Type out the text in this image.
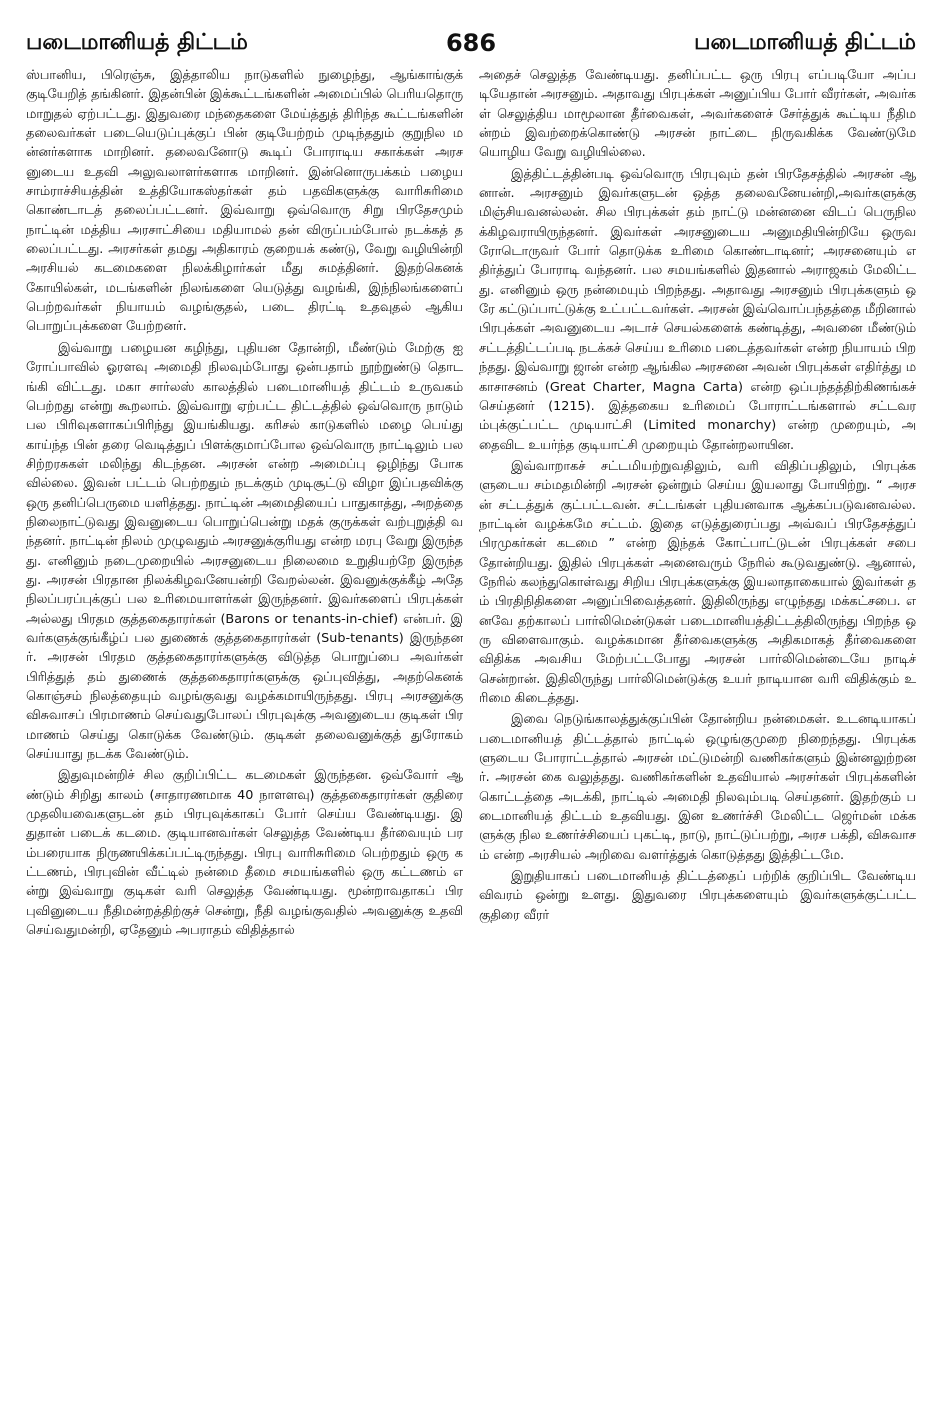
படைமானியத் திட்டம்	686	படைமானியத் திட்டம்

ஸ்பானிய, பிரெஞ்சு, இத்தாலிய நாடுகளில் நுழைந்து, ஆங்காங்குக் குடியேறித் தங்கினர். இதன்பின் இக்கூட்டங்களின் அமைப்பில் பெரியதொரு மாறுதல் ஏற்பட்டது. இதுவரை மந்தைகளை மேய்த்துத் திரிந்த கூட்டங்களின் தலைவர்கள் படையெடுப்புக்குப் பின் குடியேற்றம் முடிந்ததும் குறுநில மன்னர்களாக மாறினர். தலைவனோடு கூடிப் போராடிய சகாக்கள் அரசனுடைய உதவி அலுவலாளர்களாக மாறினர். இன்னொருபக்கம் பழைய சாம்ராச்சியத்தின் உத்தியோகஸ்தர்கள் தம் பதவிகளுக்கு வாரிசுரிமை கொண்டாடத் தலைப்பட்டனர். இவ்வாறு ஒவ்வொரு சிறு பிரதேசமும் நாட்டின் மத்திய அரசாட்சியை மதியாமல் தன் விருப்பம்போல் நடக்கத் தலைப்பட்டது. அரசர்கள் தமது அதிகாரம் குறையக் கண்டு, வேறு வழியின்றி அரசியல் கடமைகளை நிலக்கிழார்கள் மீது சுமத்தினர். இதற்கெனக் கோயில்கள், மடங்களின் நிலங்களை யெடுத்து வழங்கி, இந்நிலங்களைப் பெற்றவர்கள் நியாயம் வழங்குதல், படை திரட்டி உதவுதல் ஆகிய பொறுப்புக்களை யேற்றனர்.

இவ்வாறு பழையன கழிந்து, புதியன தோன்றி, மீண்டும் மேற்கு ஐரோப்பாவில் ஓரளவு அமைதி நிலவும்போது ஒன்பதாம் நூற்றுண்டு தொடங்கி விட்டது. மகா சார்லஸ் காலத்தில் படைமானியத் திட்டம் உருவகம் பெற்றது என்று கூறலாம். இவ்வாறு ஏற்பட்ட திட்டத்தில் ஒவ்வொரு நாடும் பல பிரிவுகளாகப்பிரிந்து இயங்கியது. கரிசல் காடுகளில் மழை பெய்து காய்ந்த பின் தரை வெடித்துப் பிளக்குமாப்போல ஒவ்வொரு நாட்டிலும் பல சிற்றரசுகள் மலிந்து கிடந்தன. அரசன் என்ற அமைப்பு ஒழிந்து போகவில்லை. இவன் பட்டம் பெற்றதும் நடக்கும் முடிசூட்டு விழா இப்பதவிக்கு ஒரு தனிப்பெருமை யளித்தது. நாட்டின் அமைதியைப் பாதுகாத்து, அறத்தை நிலைநாட்டுவது இவனுடைய பொறுப்பென்று மதக் குருக்கள் வற்புறுத்தி வந்தனர். நாட்டின் நிலம் முழுவதும் அரசனுக்குரியது என்ற மரபு வேறு இருந்தது. எனினும் நடைமுறையில் அரசனுடைய நிலைமை உறுதியற்றே இருந்தது. அரசன் பிரதான நிலக்கிழவனேயன்றி வேறல்லன். இவனுக்குக்கீழ் அதே நிலப்பரப்புக்குப் பல உரிமையாளர்கள் இருந்தனர். இவர்களைப் பிரபுக்கள் அல்லது பிரதம குத்தகைதாரர்கள் (Barons or tenants-in-chief) என்பர். இவர்களுக்குங்கீழ்ப் பல துணைக் குத்தகைதாரர்கள் (Sub-tenants) இருந்தனர். அரசன் பிரதம குத்தகைதாரர்களுக்கு விடுத்த பொறுப்பை அவர்கள் பிரித்துத் தம் துணைக் குத்தகைதாரர்களுக்கு ஒப்புவித்து, அதற்கெனக் கொஞ்சம் நிலத்தையும் வழங்குவது வழக்கமாயிருந்தது. பிரபு அரசனுக்கு விசுவாசப் பிரமாணம் செய்வதுபோலப் பிரபுவுக்கு அவனுடைய குடிகள் பிரமாணம் செய்து கொடுக்க வேண்டும். குடிகள் தலைவனுக்குத் துரோகம் செய்யாது நடக்க வேண்டும்.

இதுவுமன்றிச் சில குறிப்பிட்ட கடமைகள் இருந்தன. ஒவ்வோர் ஆண்டும் சிறிது காலம் (சாதாரணமாக 40 நாளளவு) குத்தகைதாரர்கள் குதிரை முதலியவைகளுடன் தம் பிரபுவுக்காகப் போர் செய்ய வேண்டியது. இதுதான் படைக் கடமை. குடியானவர்கள் செலுத்த வேண்டிய தீர்வையும் பரம்பரையாக நிருணயிக்கப்பட்டிருந்தது. பிரபு வாரிசுரிமை பெற்றதும் ஒரு கட்டணம், பிரபுவின் வீட்டில் நன்மை தீமை சமயங்களில் ஒரு கட்டணம் என்று இவ்வாறு குடிகள் வரி செலுத்த வேண்டியது. மூன்றாவதாகப் பிரபுவினுடைய நீதிமன்றத்திற்குச் சென்று, நீதி வழங்குவதில் அவனுக்கு உதவி செய்வதுமன்றி, ஏதேனும் அபராதம் விதித்தால்

அதைச் செலுத்த வேண்டியது. தனிப்பட்ட ஒரு பிரபு எப்படியோ அப்படியேதான் அரசனும். அதாவது பிரபுக்கள் அனுப்பிய போர் வீரர்கள், அவர்கள் செலுத்திய மாமூலான தீர்வைகள், அவர்களைச் சேர்த்துக் கூட்டிய நீதிமன்றம் இவற்றைக்கொண்டு அரசன் நாட்டை நிருவகிக்க வேண்டுமே யொழிய வேறு வழியில்லை.

இத்திட்டத்தின்படி ஒவ்வொரு பிரபுவும் தன் பிரதேசத்தில் அரசன் ஆனான். அரசனும் இவர்களுடன் ஒத்த தலைவனேயன்றி,அவர்களுக்கு மிஞ்சியவனல்லன். சில பிரபுக்கள் தம் நாட்டு மன்னனை விடப் பெருநிலக்கிழவராயிருந்தனர். இவர்கள் அரசனுடைய அனுமதியின்றியே ஒருவரோடொருவர் போர் தொடுக்க உரிமை கொண்டாடினர்; அரசனையும் எதிர்த்துப் போராடி வந்தனர். பல சமயங்களில் இதனால் அராஜகம் மேலிட்டது. எனினும் ஒரு நன்மையும் பிறந்தது. அதாவது அரசனும் பிரபுக்களும் ஒரே கட்டுப்பாட்டுக்கு உட்பட்டவர்கள். அரசன் இவ்வொப்பந்தத்தை மீறினால் பிரபுக்கள் அவனுடைய அடாச் செயல்களைக் கண்டித்து, அவனை மீண்டும் சட்டத்திட்டப்படி நடக்கச் செய்ய உரிமை படைத்தவர்கள் என்ற நியாயம் பிறந்தது. இவ்வாறு ஜான் என்ற ஆங்கில அரசனை அவன் பிரபுக்கள் எதிர்த்து மகாசாசனம் (Great Charter, Magna Carta) என்ற ஒப்பந்தத்திற்கிணங்கச் செய்தனர் (1215). இத்தகைய உரிமைப் போராட்டங்களால் சட்டவரம்புக்குட்பட்ட முடியாட்சி (Limited monarchy) என்ற முறையும், அதைவிட உயர்ந்த குடியாட்சி முறையும் தோன்றலாயின.

இவ்வாறாகச் சட்டமியற்றுவதிலும், வரி விதிப்பதிலும், பிரபுக்களுடைய சம்மதமின்றி அரசன் ஒன்றும் செய்ய இயலாது போயிற்று. “ அரசன் சட்டத்துக் குட்பட்டவன். சட்டங்கள் புதியனவாக ஆக்கப்படுவனவல்ல. நாட்டின் வழக்கமே சட்டம். இதை எடுத்துரைப்பது அவ்வப் பிரதேசத்துப் பிரமுகர்கள் கடமை ” என்ற இந்தக் கோட்பாட்டுடன் பிரபுக்கள் சபை தோன்றியது. இதில் பிரபுக்கள் அனைவரும் நேரில் கூடுவதுண்டு. ஆனால், நேரில் கலந்துகொள்வது சிறிய பிரபுக்களுக்கு இயலாதாகையால் இவர்கள் தம் பிரதிநிதிகளை அனுப்பிவைத்தனர். இதிலிருந்து எழுந்தது மக்கட்சபை. எனவே தற்காலப் பார்லிமென்டுகள் படைமானியத்திட்டத்திலிருந்து பிறந்த ஒரு விளைவாகும். வழக்கமான தீர்வைகளுக்கு அதிகமாகத் தீர்வைகளை விதிக்க அவசிய மேற்பட்டபோது அரசன் பார்லிமென்டையே நாடிச் சென்றான். இதிலிருந்து பார்லிமென்டுக்கு உயர் நாடியான வரி விதிக்கும் உரிமை கிடைத்தது.

இவை நெடுங்காலத்துக்குப்பின் தோன்றிய நன்மைகள். உடனடியாகப் படைமானியத் திட்டத்தால் நாட்டில் ஒழுங்குமுறை நிறைந்தது. பிரபுக்களுடைய போராட்டத்தால் அரசன் மட்டுமன்றி வணிகர்களும் இன்னலுற்றனர். அரசன் கை வலுத்தது. வணிகர்களின் உதவியால் அரசர்கள் பிரபுக்களின் கொட்டத்தை அடக்கி, நாட்டில் அமைதி நிலவும்படி செய்தனர். இதற்கும் படைமானியத் திட்டம் உதவியது. இன உணர்ச்சி மேலிட்ட ஜெர்மன் மக்களுக்கு நில உணர்ச்சியைப் புகட்டி, நாடு, நாட்டுப்பற்று, அரச பக்தி, விசுவாசம் என்ற அரசியல் அறிவை வளர்த்துக் கொடுத்தது இத்திட்டமே.

இறுதியாகப் படைமானியத் திட்டத்தைப் பற்றிக் குறிப்பிட வேண்டிய விவரம் ஒன்று உளது. இதுவரை பிரபுக்களையும் இவர்களுக்குட்பட்ட குதிரை வீரர்
